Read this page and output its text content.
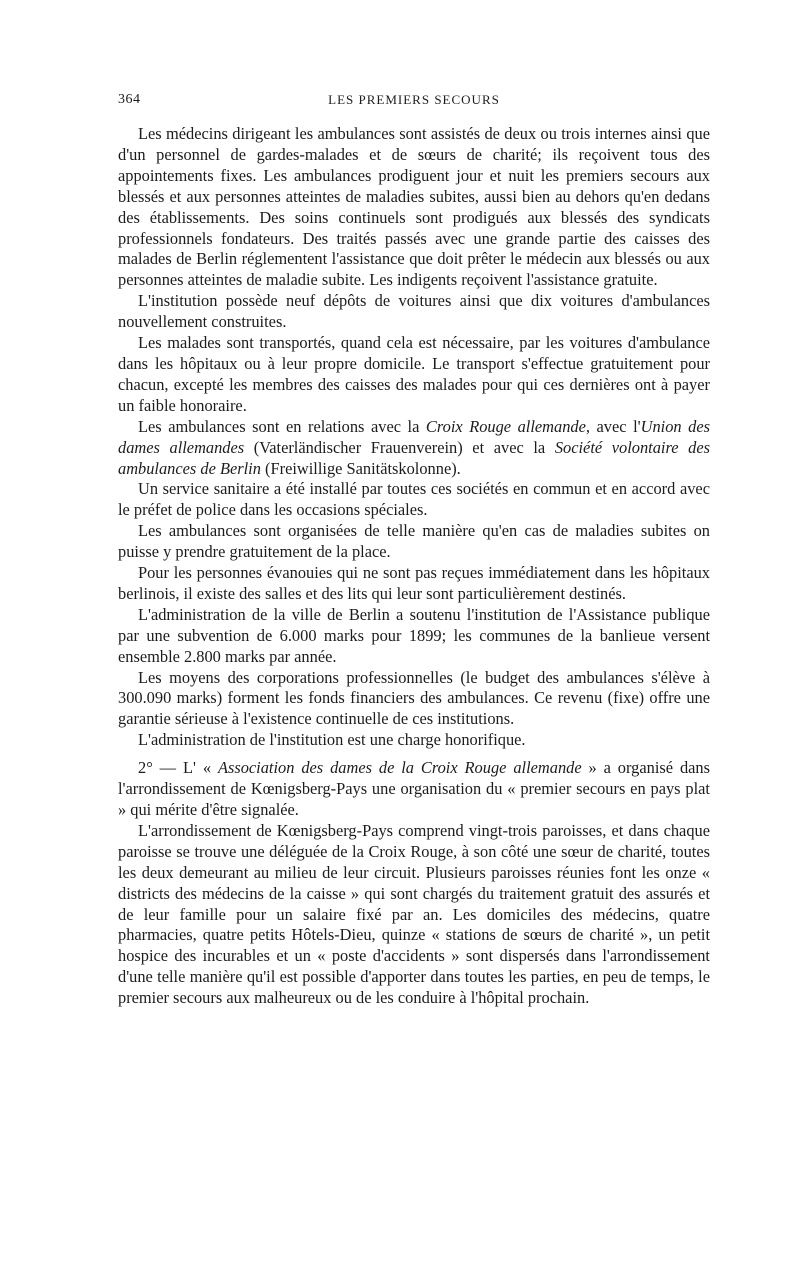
364	LES PREMIERS SECOURS

Les médecins dirigeant les ambulances sont assistés de deux ou trois internes ainsi que d'un personnel de gardes-malades et de sœurs de charité; ils reçoivent tous des appointements fixes. Les ambulances prodiguent jour et nuit les premiers secours aux blessés et aux personnes atteintes de maladies subites, aussi bien au dehors qu'en dedans des établissements. Des soins continuels sont prodigués aux blessés des syndicats professionnels fondateurs. Des traités passés avec une grande partie des caisses des malades de Berlin réglementent l'assistance que doit prêter le médecin aux blessés ou aux personnes atteintes de maladie subite. Les indigents reçoivent l'assistance gratuite.

L'institution possède neuf dépôts de voitures ainsi que dix voitures d'ambulances nouvellement construites.

Les malades sont transportés, quand cela est nécessaire, par les voitures d'ambulance dans les hôpitaux ou à leur propre domicile. Le transport s'effectue gratuitement pour chacun, excepté les membres des caisses des malades pour qui ces dernières ont à payer un faible honoraire.

Les ambulances sont en relations avec la Croix Rouge allemande, avec l'Union des dames allemandes (Vaterländischer Frauenverein) et avec la Société volontaire des ambulances de Berlin (Freiwillige Sanitätskolonne).

Un service sanitaire a été installé par toutes ces sociétés en commun et en accord avec le préfet de police dans les occasions spéciales.

Les ambulances sont organisées de telle manière qu'en cas de maladies subites on puisse y prendre gratuitement de la place.

Pour les personnes évanouies qui ne sont pas reçues immédiatement dans les hôpitaux berlinois, il existe des salles et des lits qui leur sont particulièrement destinés.

L'administration de la ville de Berlin a soutenu l'institution de l'Assistance publique par une subvention de 6.000 marks pour 1899; les communes de la banlieue versent ensemble 2.800 marks par année.

Les moyens des corporations professionnelles (le budget des ambulances s'élève à 300.090 marks) forment les fonds financiers des ambulances. Ce revenu (fixe) offre une garantie sérieuse à l'existence continuelle de ces institutions.

L'administration de l'institution est une charge honorifique.

2° — L' « Association des dames de la Croix Rouge allemande » a organisé dans l'arrondissement de Kœnigsberg-Pays une organisation du « premier secours en pays plat » qui mérite d'être signalée.

L'arrondissement de Kœnigsberg-Pays comprend vingt-trois paroisses, et dans chaque paroisse se trouve une déléguée de la Croix Rouge, à son côté une sœur de charité, toutes les deux demeurant au milieu de leur circuit. Plusieurs paroisses réunies font les onze « districts des médecins de la caisse » qui sont chargés du traitement gratuit des assurés et de leur famille pour un salaire fixé par an. Les domiciles des médecins, quatre pharmacies, quatre petits Hôtels-Dieu, quinze « stations de sœurs de charité », un petit hospice des incurables et un « poste d'accidents » sont dispersés dans l'arrondissement d'une telle manière qu'il est possible d'apporter dans toutes les parties, en peu de temps, le premier secours aux malheureux ou de les conduire à l'hôpital prochain.
